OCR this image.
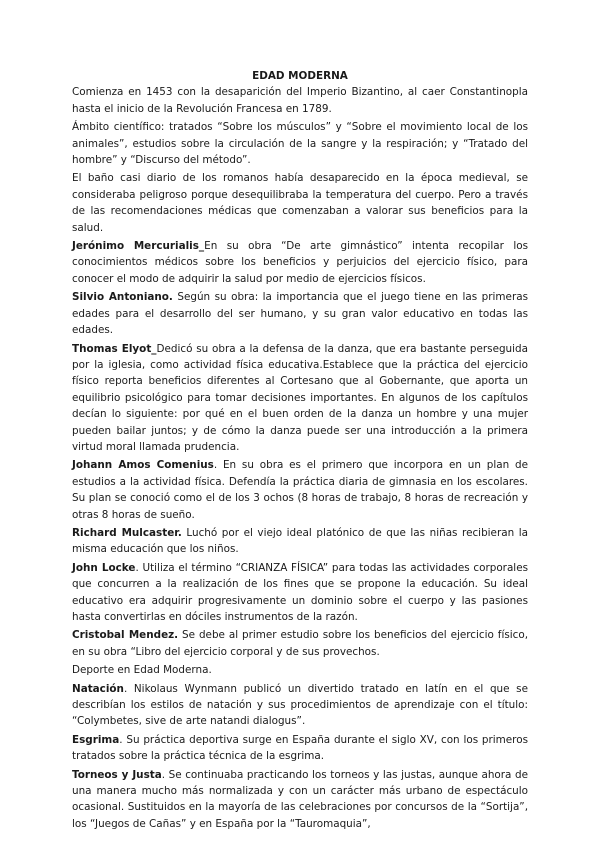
EDAD MODERNA

Comienza en 1453 con la desaparición del Imperio Bizantino, al caer Constantinopla hasta el inicio de la Revolución Francesa en 1789.

Ámbito científico: tratados “Sobre los músculos” y “Sobre el movimiento local de los animales”, estudios sobre la circulación de la sangre y la respiración; y “Tratado del hombre” y “Discurso del método”.

El baño casi diario de los romanos había desaparecido en la época medieval, se consideraba peligroso porque desequilibraba la temperatura del cuerpo. Pero a través de las recomendaciones médicas que comenzaban a valorar sus beneficios para la salud.

Jerónimo Mercurialis_En su obra “De arte gimnástico” intenta recopilar los conocimientos médicos sobre los beneficios y perjuicios del ejercicio físico, para conocer el modo de adquirir la salud por medio de ejercicios físicos.

Silvio Antoniano. Según su obra: la importancia que el juego tiene en las primeras edades para el desarrollo del ser humano, y su gran valor educativo en todas las edades.

Thomas Elyot_Dedicó su obra a la defensa de la danza, que era bastante perseguida por la iglesia, como actividad física educativa.Establece que la práctica del ejercicio físico reporta beneficios diferentes al Cortesano que al Gobernante, que aporta un equilibrio psicológico para tomar decisiones importantes. En algunos de los capítulos decían lo siguiente: por qué en el buen orden de la danza un hombre y una mujer pueden bailar juntos; y de cómo la danza puede ser una introducción a la primera virtud moral llamada prudencia.

Johann Amos Comenius. En su obra es el primero que incorpora en un plan de estudios a la actividad física. Defendía la práctica diaria de gimnasia en los escolares. Su plan se conoció como el de los 3 ochos (8 horas de trabajo, 8 horas de recreación y otras 8 horas de sueño.

Richard Mulcaster. Luchó por el viejo ideal platónico de que las niñas recibieran la misma educación que los niños.

John Locke. Utiliza el término “CRIANZA FÍSICA” para todas las actividades corporales que concurren a la realización de los fines que se propone la educación. Su ideal educativo era adquirir progresivamente un dominio sobre el cuerpo y las pasiones hasta convertirlas en dóciles instrumentos de la razón.

Cristobal Mendez. Se debe al primer estudio sobre los beneficios del ejercicio físico, en su obra “Libro del ejercicio corporal y de sus provechos.

Deporte en Edad Moderna.

Natación. Nikolaus Wynmann publicó un divertido tratado en latín en el que se describían los estilos de natación y sus procedimientos de aprendizaje con el título: “Colymbetes, sive de arte natandi dialogus”.

Esgrima. Su práctica deportiva surge en España durante el siglo XV, con los primeros tratados sobre la práctica técnica de la esgrima.

Torneos y Justa. Se continuaba practicando los torneos y las justas, aunque ahora de una manera mucho más normalizada y con un carácter más urbano de espectáculo ocasional. Sustituidos en la mayoría de las celebraciones por concursos de la “Sortija”, los “Juegos de Cañas” y en España por la “Tauromaquia”,
